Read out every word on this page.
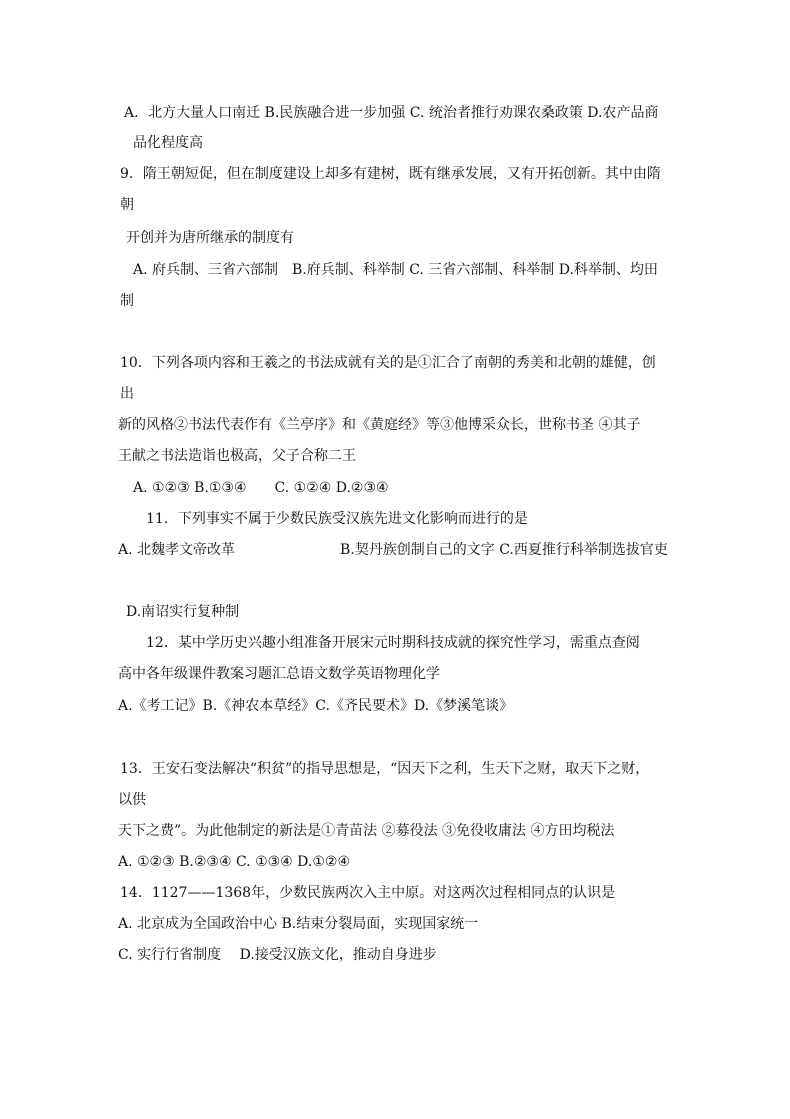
A．北方大量人口南迁 B.民族融合进一步加强 C. 统治者推行劝课农桑政策 D.农产品商
品化程度高
9．隋王朝短促，但在制度建设上却多有建树，既有继承发展，又有开拓创新。其中由隋
朝
开创并为唐所继承的制度有
A. 府兵制、三省六部制　B.府兵制、科举制 C. 三省六部制、科举制 D.科举制、均田
制
10．下列各项内容和王羲之的书法成就有关的是①汇合了南朝的秀美和北朝的雄健，创
出
新的风格②书法代表作有《兰亭序》和《黄庭经》等③他博采众长，世称书圣 ④其子
王献之书法造诣也极高，父子合称二王
A. ①②③ B.①③④　　C. ①②④ D.②③④
11．下列事实不属于少数民族受汉族先进文化影响而进行的是
A. 北魏孝文帝改革	B.契丹族创制自己的文字 C.西夏推行科举制选拔官吏
D.南诏实行复种制
12．某中学历史兴趣小组准备开展宋元时期科技成就的探究性学习，需重点查阅
高中各年级课件教案习题汇总语文数学英语物理化学
A.《考工记》B.《神农本草经》C.《齐民要术》D.《梦溪笔谈》
13．王安石变法解决“积贫”的指导思想是，“因天下之利，生天下之财，取天下之财，
以供
天下之费”。为此他制定的新法是①青苗法 ②募役法 ③免役收庸法 ④方田均税法
A. ①②③ B.②③④ C. ①③④ D.①②④
14．1127——1368年，少数民族两次入主中原。对这两次过程相同点的认识是
A. 北京成为全国政治中心 B.结束分裂局面，实现国家统一
C. 实行行省制度　 D.接受汉族文化，推动自身进步
